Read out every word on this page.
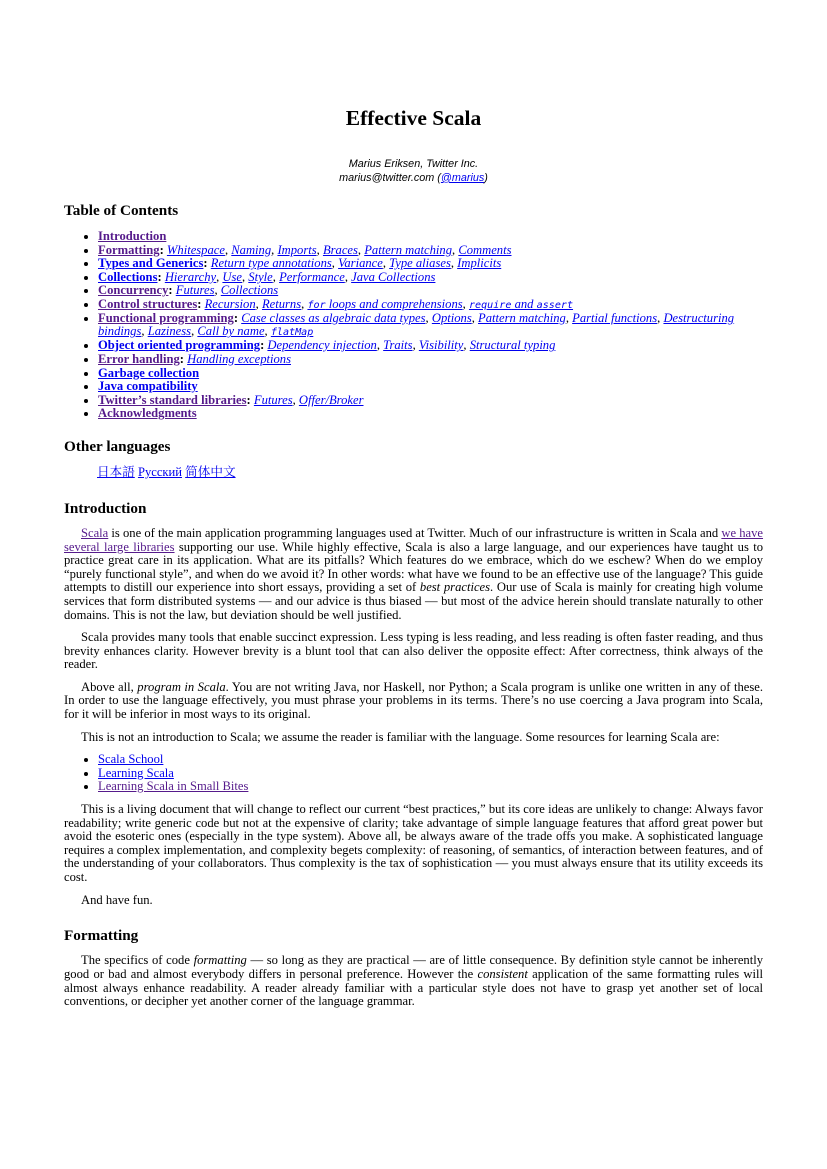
Effective Scala
Marius Eriksen, Twitter Inc.
marius@twitter.com (@marius)
Table of Contents
• Introduction
• Formatting: Whitespace, Naming, Imports, Braces, Pattern matching, Comments
• Types and Generics: Return type annotations, Variance, Type aliases, Implicits
• Collections: Hierarchy, Use, Style, Performance, Java Collections
• Concurrency: Futures, Collections
• Control structures: Recursion, Returns, for loops and comprehensions, require and assert
• Functional programming: Case classes as algebraic data types, Options, Pattern matching, Partial functions, Destructuring bindings, Laziness, Call by name, flatMap
• Object oriented programming: Dependency injection, Traits, Visibility, Structural typing
• Error handling: Handling exceptions
• Garbage collection
• Java compatibility
• Twitter’s standard libraries: Futures, Offer/Broker
• Acknowledgments
Other languages

日本語 Русский 简体中文

Introduction

Scala is one of the main application programming languages used at Twitter. Much of our infrastructure is written in Scala and we have several large libraries supporting our use. While highly effective, Scala is also a large language, and our experiences have taught us to practice great care in its application. What are its pitfalls? Which features do we embrace, which do we eschew? When do we employ “purely functional style”, and when do we avoid it? In other words: what have we found to be an effective use of the language? This guide attempts to distill our experience into short essays, providing a set of best practices. Our use of Scala is mainly for creating high volume services that form distributed systems — and our advice is thus biased — but most of the advice herein should translate naturally to other domains. This is not the law, but deviation should be well justified.

Scala provides many tools that enable succinct expression. Less typing is less reading, and less reading is often faster reading, and thus brevity enhances clarity. However brevity is a blunt tool that can also deliver the opposite effect: After correctness, think always of the reader.

Above all, program in Scala. You are not writing Java, nor Haskell, nor Python; a Scala program is unlike one written in any of these. In order to use the language effectively, you must phrase your problems in its terms. There’s no use coercing a Java program into Scala, for it will be inferior in most ways to its original.

This is not an introduction to Scala; we assume the reader is familiar with the language. Some resources for learning Scala are:

• Scala School
• Learning Scala
• Learning Scala in Small Bites

This is a living document that will change to reflect our current “best practices,” but its core ideas are unlikely to change: Always favor readability; write generic code but not at the expensive of clarity; take advantage of simple language features that afford great power but avoid the esoteric ones (especially in the type system). Above all, be always aware of the trade offs you make. A sophisticated language requires a complex implementation, and complexity begets complexity: of reasoning, of semantics, of interaction between features, and of the understanding of your collaborators. Thus complexity is the tax of sophistication — you must always ensure that its utility exceeds its cost.

And have fun.

Formatting

The specifics of code formatting — so long as they are practical — are of little consequence. By definition style cannot be inherently good or bad and almost everybody differs in personal preference. However the consistent application of the same formatting rules will almost always enhance readability. A reader already familiar with a particular style does not have to grasp yet another set of local conventions, or decipher yet another corner of the language grammar.
